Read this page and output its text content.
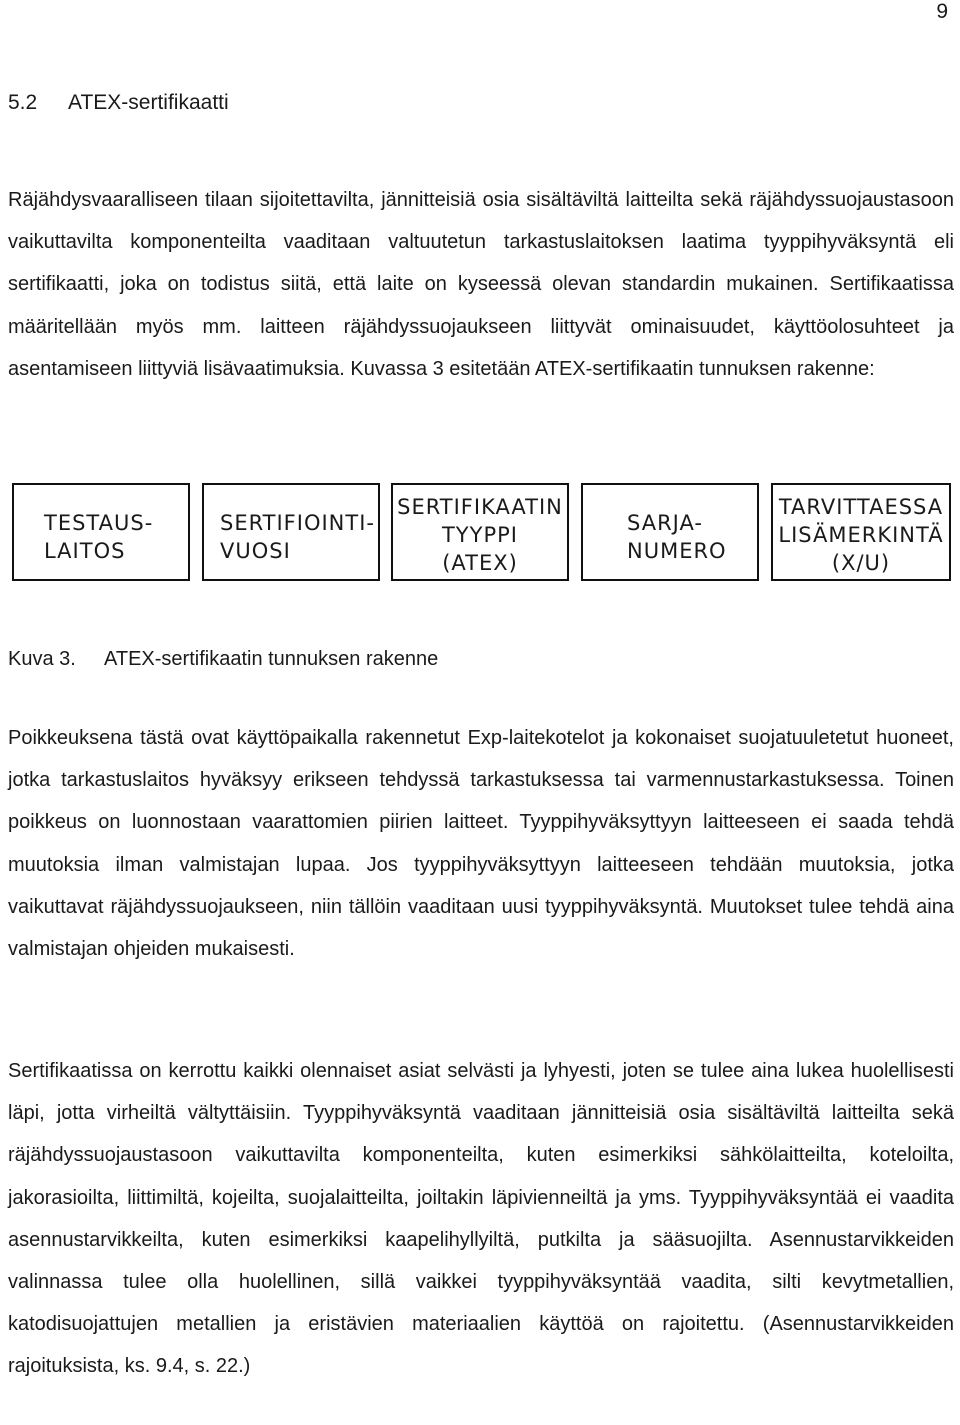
9
5.2 ATEX-sertifikaatti

Räjähdysvaaralliseen tilaan sijoitettavilta, jännitteisiä osia sisältäviltä laitteilta sekä räjähdyssuojaustasoon vaikuttavilta komponenteilta vaaditaan valtuutetun tarkastuslaitoksen laatima tyyppihyväksyntä eli sertifikaatti, joka on todistus siitä, että laite on kyseessä olevan standardin mukainen. Sertifikaatissa määritellään myös mm. laitteen räjähdyssuojaukseen liittyvät ominaisuudet, käyttöolosuhteet ja asentamiseen liittyviä lisävaatimuksia. Kuvassa 3 esitetään ATEX-sertifikaatin tunnuksen rakenne:

TESTAUS-
LAITOS
SERTIFIOINTI-
VUOSI
SERTIFIKAATIN
TYYPPI
(ATEX)
SARJA-
NUMERO
TARVITTAESSA
LISÄMERKINTÄ
(X/U)
Kuva 3. ATEX-sertifikaatin tunnuksen rakenne

Poikkeuksena tästä ovat käyttöpaikalla rakennetut Exp-laitekotelot ja kokonaiset suojatuuletetut huoneet, jotka tarkastuslaitos hyväksyy erikseen tehdyssä tarkastuksessa tai varmennustarkastuksessa. Toinen poikkeus on luonnostaan vaarattomien piirien laitteet. Tyyppihyväksyttyyn laitteeseen ei saada tehdä muutoksia ilman valmistajan lupaa. Jos tyyppihyväksyttyyn laitteeseen tehdään muutoksia, jotka vaikuttavat räjähdyssuojaukseen, niin tällöin vaaditaan uusi tyyppihyväksyntä. Muutokset tulee tehdä aina valmistajan ohjeiden mukaisesti.

Sertifikaatissa on kerrottu kaikki olennaiset asiat selvästi ja lyhyesti, joten se tulee aina lukea huolellisesti läpi, jotta virheiltä vältyttäisiin. Tyyppihyväksyntä vaaditaan jännitteisiä osia sisältäviltä laitteilta sekä räjähdyssuojaustasoon vaikuttavilta komponenteilta, kuten esimerkiksi sähkölaitteilta, koteloilta, jakorasioilta, liittimiltä, kojeilta, suojalaitteilta, joiltakin läpivienneiltä ja yms. Tyyppihyväksyntää ei vaadita asennustarvikkeilta, kuten esimerkiksi kaapelihyllyiltä, putkilta ja sääsuojilta. Asennustarvikkeiden valinnassa tulee olla huolellinen, sillä vaikkei tyyppihyväksyntää vaadita, silti kevytmetallien, katodisuojattujen metallien ja eristävien materiaalien käyttöä on rajoitettu. (Asennustarvikkeiden rajoituksista, ks. 9.4, s. 22.)
